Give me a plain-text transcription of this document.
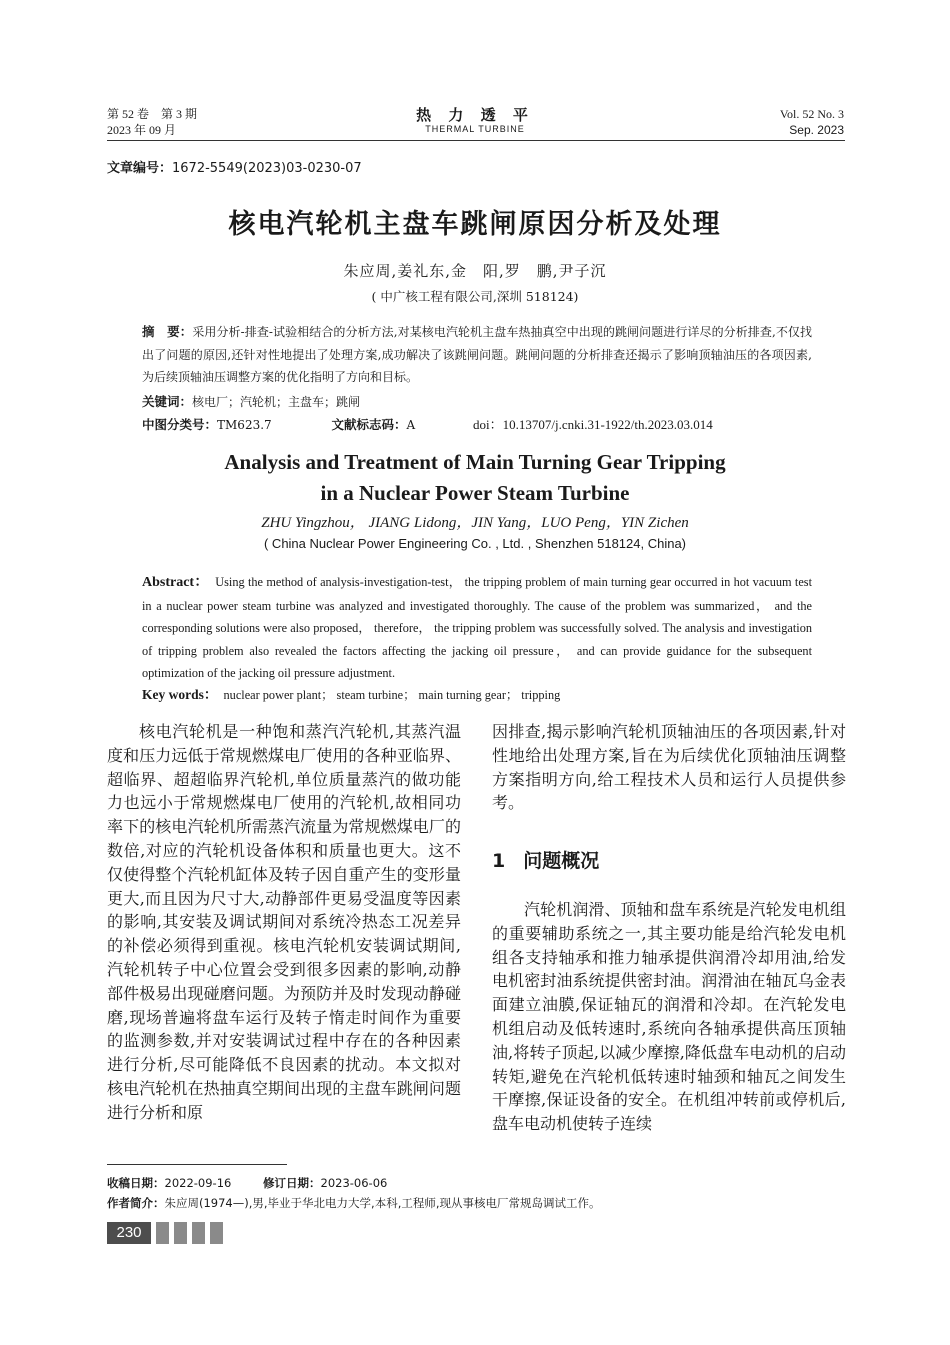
第 52 卷　第 3 期
2023 年 09 月
热 力 透 平
THERMAL TURBINE
Vol. 52 No. 3
Sep. 2023
文章编号：1672-5549(2023)03-0230-07
核电汽轮机主盘车跳闸原因分析及处理
朱应周,姜礼东,金　阳,罗　鹏,尹子沉
( 中广核工程有限公司,深圳 518124)
摘　要：采用分析-排查-试验相结合的分析方法,对某核电汽轮机主盘车热抽真空中出现的跳闸问题进行详尽的分析排查,不仅找出了问题的原因,还针对性地提出了处理方案,成功解决了该跳闸问题。跳闸问题的分析排查还揭示了影响顶轴油压的各项因素,为后续顶轴油压调整方案的优化指明了方向和目标。
关键词：核电厂；汽轮机；主盘车；跳闸
中图分类号：TM623.7	文献标志码：A	doi：10.13707/j.cnki.31-1922/th.2023.03.014
Analysis and Treatment of Main Turning Gear Tripping
in a Nuclear Power Steam Turbine
ZHU Yingzhou， JIANG Lidong，JIN Yang，LUO Peng，YIN Zichen
( China Nuclear Power Engineering Co. , Ltd. , Shenzhen 518124, China)
Abstract： Using the method of analysis-investigation-test， the tripping problem of main turning gear occurred in hot vacuum test in a nuclear power steam turbine was analyzed and investigated thoroughly. The cause of the problem was summarized， and the corresponding solutions were also proposed， therefore， the tripping problem was successfully solved. The analysis and investigation of tripping problem also revealed the factors affecting the jacking oil pressure， and can provide guidance for the subsequent optimization of the jacking oil pressure adjustment.
Key words： nuclear power plant； steam turbine； main turning gear； tripping
核电汽轮机是一种饱和蒸汽汽轮机,其蒸汽温度和压力远低于常规燃煤电厂使用的各种亚临界、超临界、超超临界汽轮机,单位质量蒸汽的做功能力也远小于常规燃煤电厂使用的汽轮机,故相同功率下的核电汽轮机所需蒸汽流量为常规燃煤电厂的数倍,对应的汽轮机设备体积和质量也更大。这不仅使得整个汽轮机缸体及转子因自重产生的变形量更大,而且因为尺寸大,动静部件更易受温度等因素的影响,其安装及调试期间对系统冷热态工况差异的补偿必须得到重视。核电汽轮机安装调试期间,汽轮机转子中心位置会受到很多因素的影响,动静部件极易出现碰磨问题。为预防并及时发现动静碰磨,现场普遍将盘车运行及转子惰走时间作为重要的监测参数,并对安装调试过程中存在的各种因素进行分析,尽可能降低不良因素的扰动。本文拟对核电汽轮机在热抽真空期间出现的主盘车跳闸问题进行分析和原
因排查,揭示影响汽轮机顶轴油压的各项因素,针对性地给出处理方案,旨在为后续优化顶轴油压调整方案指明方向,给工程技术人员和运行人员提供参考。
1 问题概况
汽轮机润滑、顶轴和盘车系统是汽轮发电机组的重要辅助系统之一,其主要功能是给汽轮发电机组各支持轴承和推力轴承提供润滑冷却用油,给发电机密封油系统提供密封油。润滑油在轴瓦乌金表面建立油膜,保证轴瓦的润滑和冷却。在汽轮发电机组启动及低转速时,系统向各轴承提供高压顶轴油,将转子顶起,以减少摩擦,降低盘车电动机的启动转矩,避免在汽轮机低转速时轴颈和轴瓦之间发生干摩擦,保证设备的安全。在机组冲转前或停机后,盘车电动机使转子连续
收稿日期：2022-09-16	修订日期：2023-06-06
作者简介：朱应周(1974—),男,毕业于华北电力大学,本科,工程师,现从事核电厂常规岛调试工作。
230
